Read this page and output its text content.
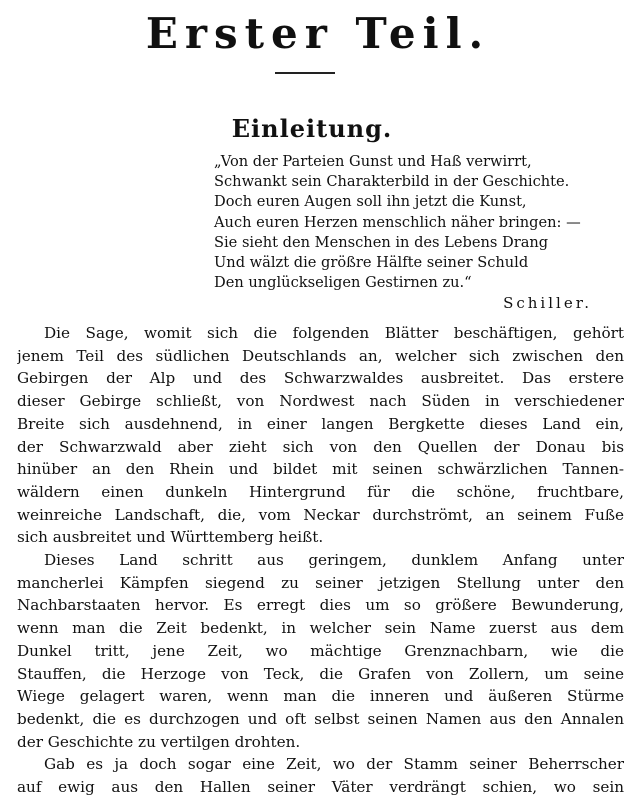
Erster Teil.
Einleitung.
„Von der Parteien Gunst und Haß verwirrt,
Schwankt sein Charakterbild in der Geschichte.
Doch euren Augen soll ihn jetzt die Kunst,
Auch euren Herzen menschlich näher bringen: —
Sie sieht den Menschen in des Lebens Drang
Und wälzt die größre Hälfte seiner Schuld
Den unglückseligen Gestirnen zu.“
Schiller.
Die Sage, womit sich die folgenden Blätter beschäftigen, gehört
jenem Teil des südlichen Deutschlands an, welcher sich zwischen den
Gebirgen der Alp und des Schwarzwaldes ausbreitet. Das erstere
dieser Gebirge schließt, von Nordwest nach Süden in verschiedener
Breite sich ausdehnend, in einer langen Bergkette dieses Land ein,
der Schwarzwald aber zieht sich von den Quellen der Donau bis
hinüber an den Rhein und bildet mit seinen schwärzlichen Tannen-
wäldern einen dunkeln Hintergrund für die schöne, fruchtbare,
weinreiche Landschaft, die, vom Neckar durchströmt, an seinem Fuße
sich ausbreitet und Württemberg heißt.
Dieses Land schritt aus geringem, dunklem Anfang unter
mancherlei Kämpfen siegend zu seiner jetzigen Stellung unter den
Nachbarstaaten hervor. Es erregt dies um so größere Bewunderung,
wenn man die Zeit bedenkt, in welcher sein Name zuerst aus dem
Dunkel tritt, jene Zeit, wo mächtige Grenznachbarn, wie die
Stauffen, die Herzoge von Teck, die Grafen von Zollern, um seine
Wiege gelagert waren, wenn man die inneren und äußeren Stürme
bedenkt, die es durchzogen und oft selbst seinen Namen aus den Annalen
der Geschichte zu vertilgen drohten.
Gab es ja doch sogar eine Zeit, wo der Stamm seiner Beherrscher
auf ewig aus den Hallen seiner Väter verdrängt schien, wo sein
